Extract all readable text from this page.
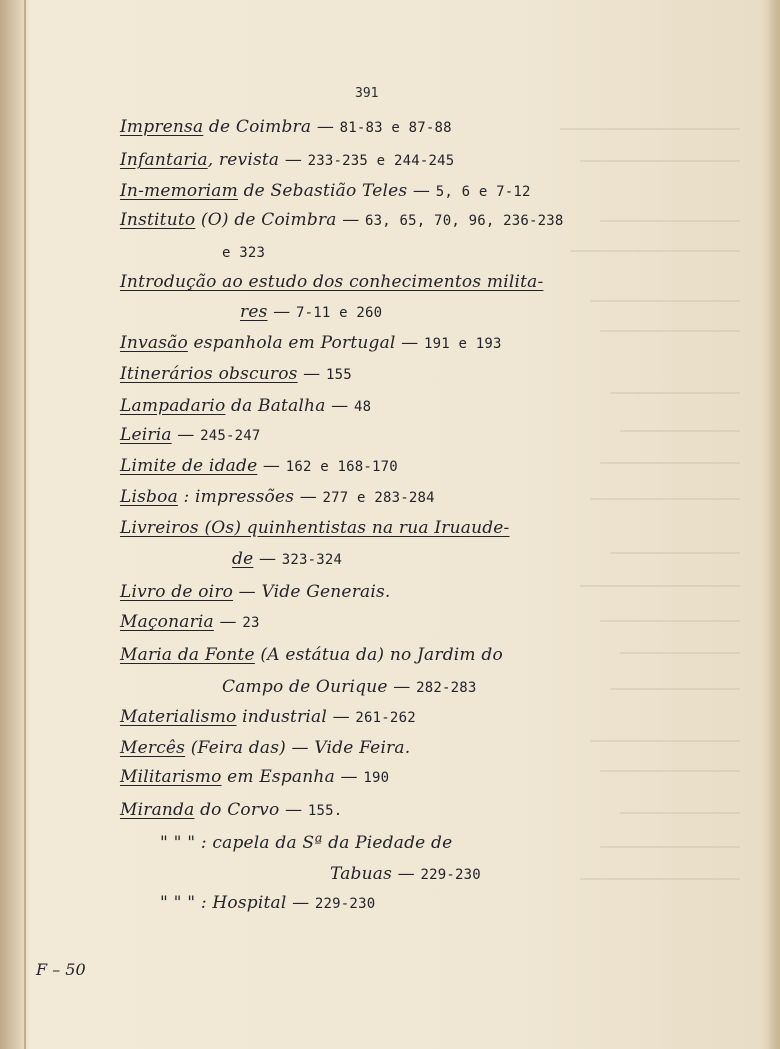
391
Imprensa de Coimbra — 81-83 e 87-88
Infantaria, revista — 233-235 e 244-245
In-memoriam de Sebastião Teles — 5, 6 e 7-12
Instituto (O) de Coimbra — 63, 65, 70, 96, 236-238
e 323
Introdução ao estudo dos conhecimentos milita-
res — 7-11 e 260
Invasão espanhola em Portugal — 191 e 193
Itinerários obscuros — 155
Lampadario da Batalha — 48
Leiria — 245-247
Limite de idade — 162 e 168-170
Lisboa : impressões — 277 e 283-284
Livreiros (Os) quinhentistas na rua Iruaude-
de — 323-324
Livro de oiro — Vide Generais.
Maçonaria — 23
Maria da Fonte (A estátua da) no Jardim do
Campo de Ourique — 282-283
Materialismo industrial — 261-262
Mercês (Feira das) — Vide Feira.
Militarismo em Espanha — 190
Miranda do Corvo — 155.
" " " : capela da Sª da Piedade de
Tabuas — 229-230
" " " : Hospital — 229-230
F – 50
